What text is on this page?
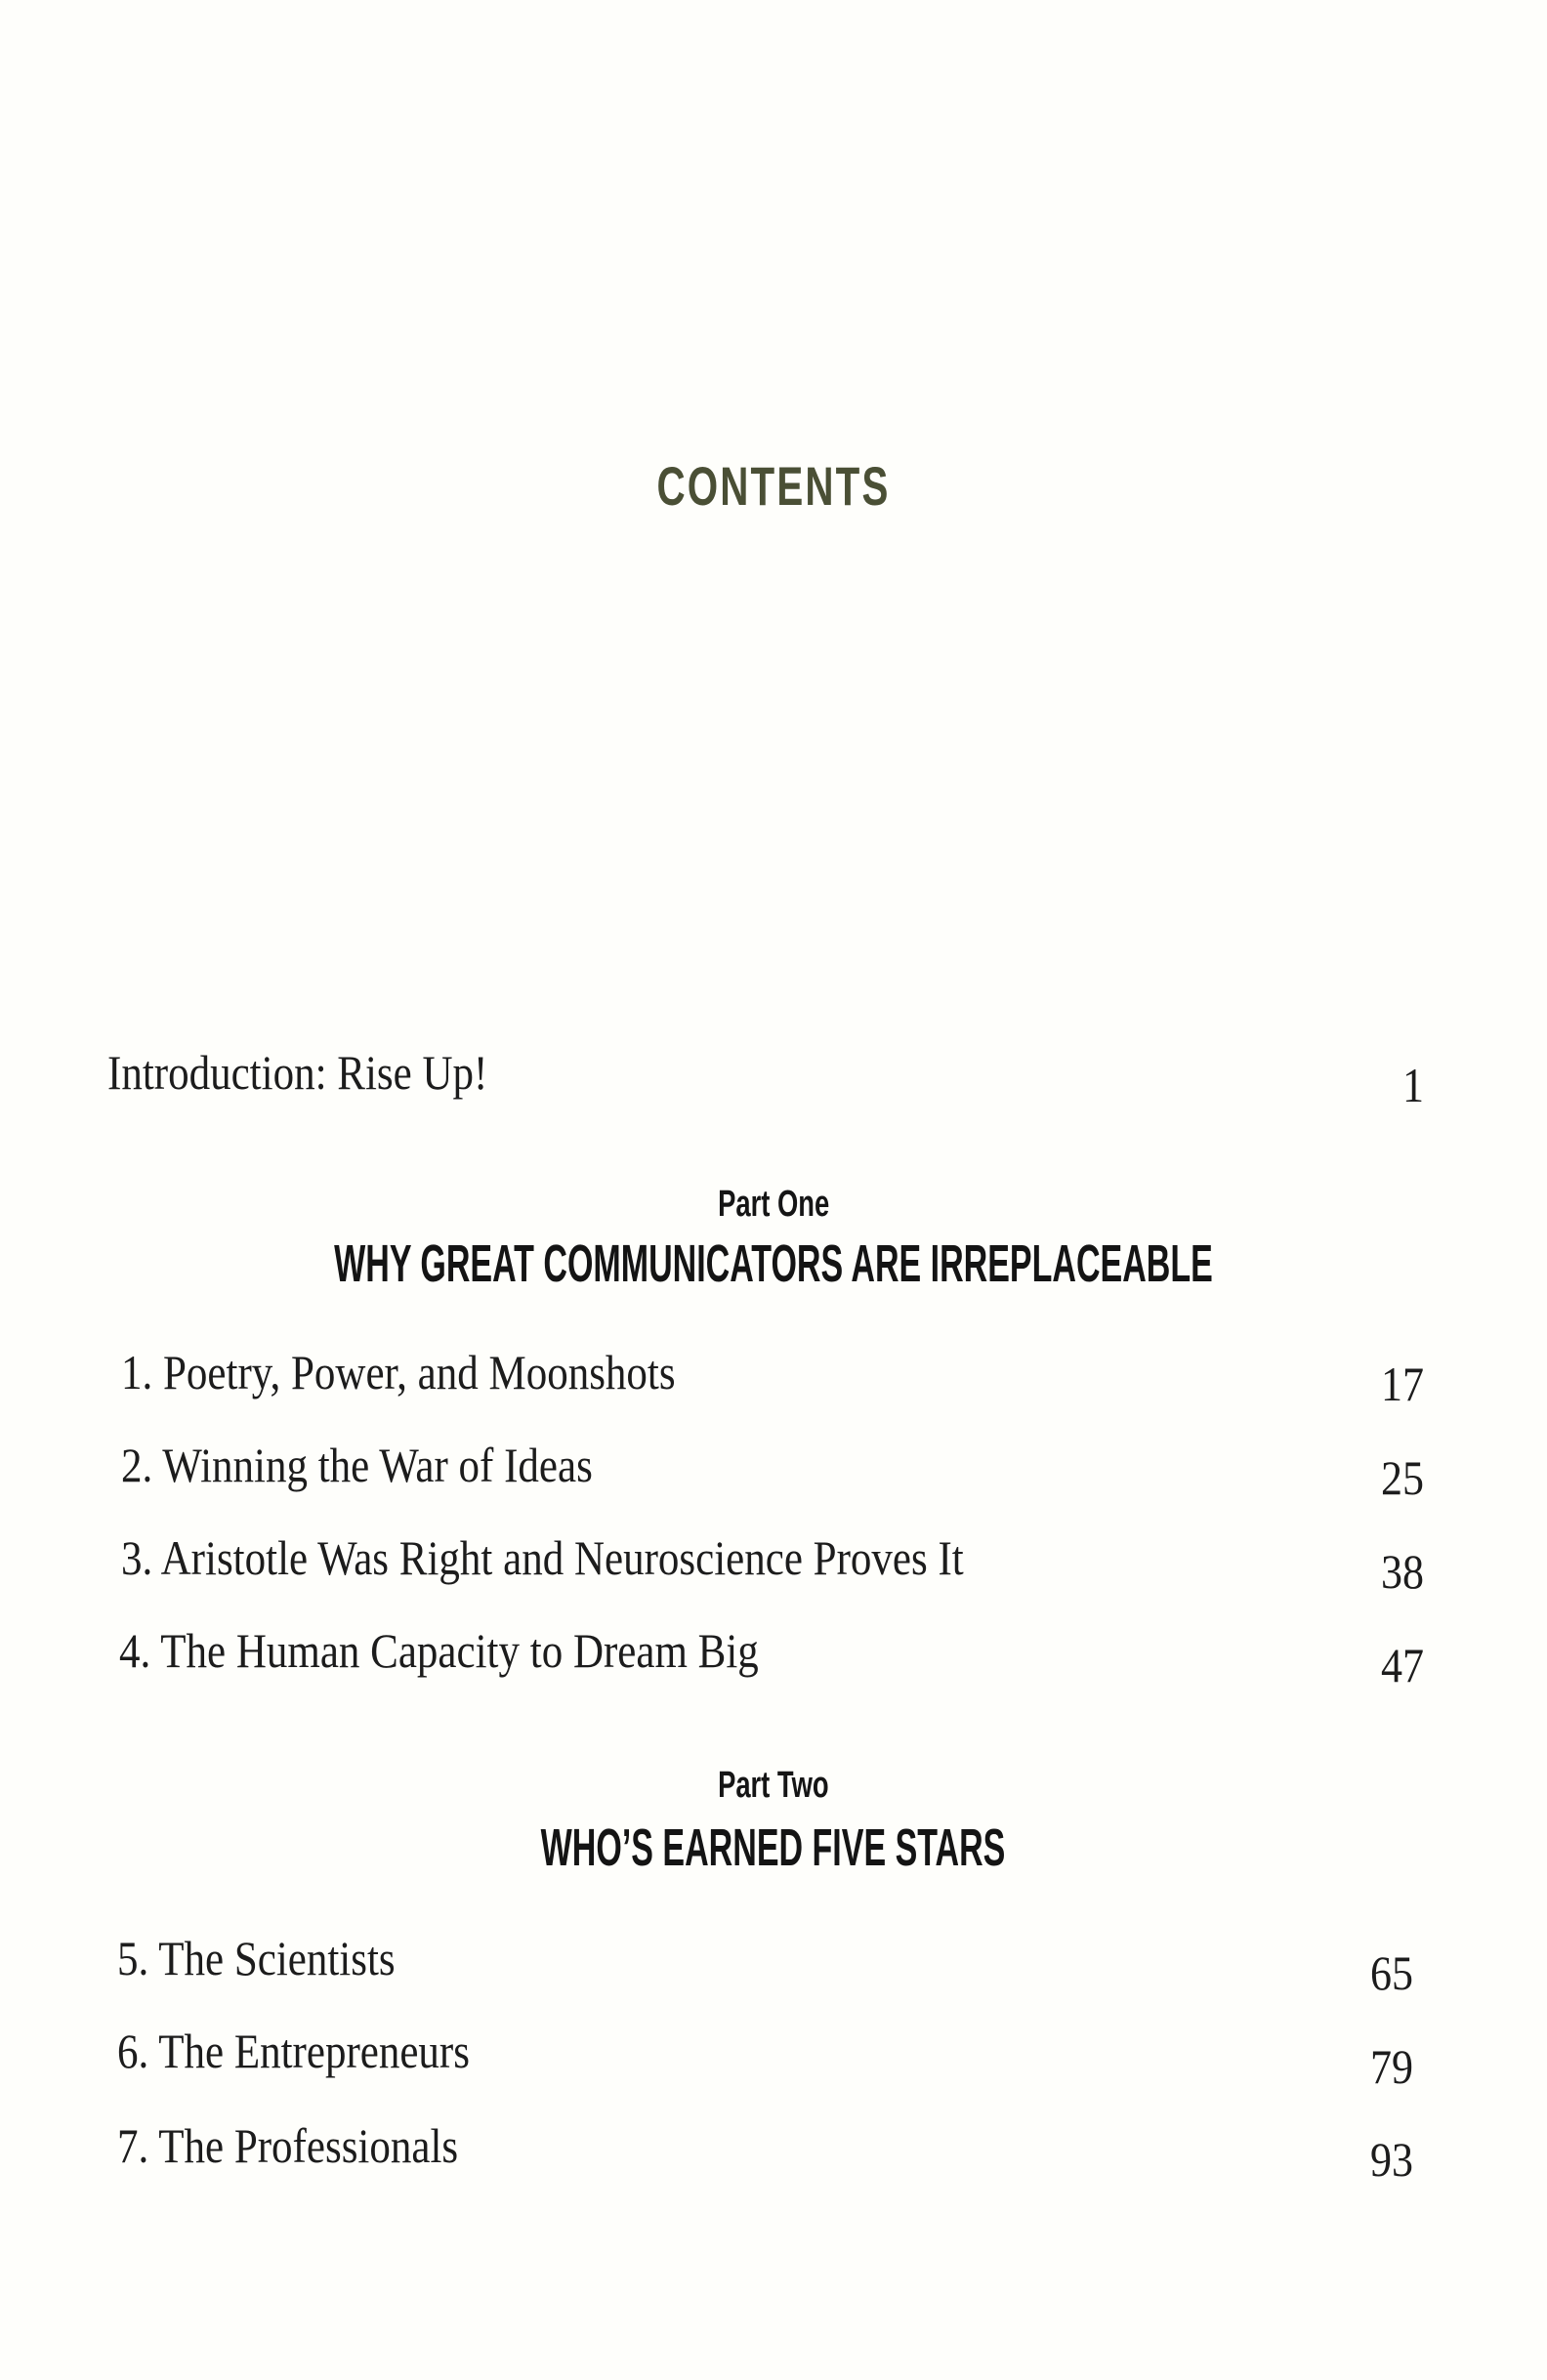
CONTENTS
Introduction: Rise Up!	1
Part One
WHY GREAT COMMUNICATORS ARE IRREPLACEABLE
1. Poetry, Power, and Moonshots	17
2. Winning the War of Ideas	25
3. Aristotle Was Right and Neuroscience Proves It	38
4. The Human Capacity to Dream Big	47
Part Two
WHO’S EARNED FIVE STARS
5. The Scientists	65
6. The Entrepreneurs	79
7. The Professionals	93
